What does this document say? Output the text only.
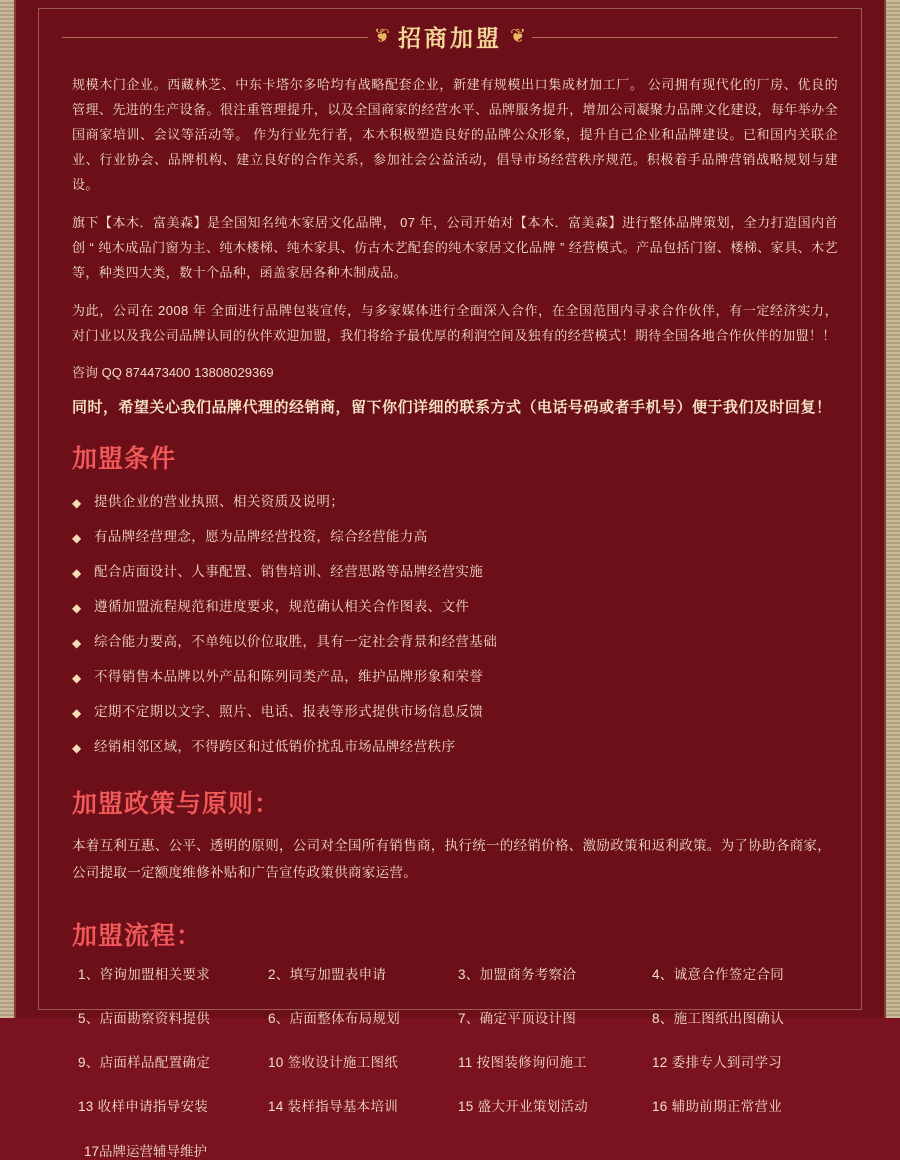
❦ 招商加盟 ❦

规模木门企业。西藏林芝、中东卡塔尔多哈均有战略配套企业，新建有规模出口集成材加工厂。 公司拥有现代化的厂房、优良的管理、先进的生产设备。很注重管理提升，以及全国商家的经营水平、品牌服务提升，增加公司凝聚力品牌文化建设，每年举办全国商家培训、会议等活动等。 作为行业先行者，本木积极塑造良好的品牌公众形象，提升自己企业和品牌建设。已和国内关联企业、行业协会、品牌机构、建立良好的合作关系，参加社会公益活动，倡导市场经营秩序规范。积极着手品牌营销战略规划与建设。

旗下【本木．富美森】是全国知名纯木家居文化品牌， 07 年，公司开始对【本木．富美森】进行整体品牌策划，全力打造国内首创 “ 纯木成品门窗为主、纯木楼梯、纯木家具、仿古木艺配套的纯木家居文化品牌 ” 经营模式。产品包括门窗、楼梯、家具、木艺等，种类四大类，数十个品种，函盖家居各种木制成品。

为此，公司在 2008 年 全面进行品牌包装宣传，与多家媒体进行全面深入合作，在全国范围内寻求合作伙伴，有一定经济实力，对门业以及我公司品牌认同的伙伴欢迎加盟，我们将给予最优厚的利润空间及独有的经营模式！期待全国各地合作伙伴的加盟！！

咨询 QQ 874473400 13808029369

同时，希望关心我们品牌代理的经销商，留下你们详细的联系方式（电话号码或者手机号）便于我们及时回复！

加盟条件
◆ 提供企业的营业执照、相关资质及说明；
◆ 有品牌经营理念，愿为品牌经营投资，综合经营能力高
◆ 配合店面设计、人事配置、销售培训、经营思路等品牌经营实施
◆ 遵循加盟流程规范和进度要求，规范确认相关合作图表、文件
◆ 综合能力要高，不单纯以价位取胜，具有一定社会背景和经营基础
◆ 不得销售本品牌以外产品和陈列同类产品，维护品牌形象和荣誉
◆ 定期不定期以文字、照片、电话、报表等形式提供市场信息反馈
◆ 经销相邻区域，不得跨区和过低销价扰乱市场品牌经营秩序
加盟政策与原则：
本着互利互惠、公平、透明的原则，公司对全国所有销售商，执行统一的经销价格、激励政策和返利政策。为了协助各商家，
公司提取一定额度维修补贴和广告宣传政策供商家运营。
加盟流程：
1、咨询加盟相关要求	2、填写加盟表申请	3、加盟商务考察洽	4、诚意合作签定合同
5、店面勘察资料提供	6、店面整体布局规划	7、确定平顶设计图	8、施工图纸出图确认
9、店面样品配置确定	10 签收设计施工图纸	11 按图装修询问施工	12 委排专人到司学习
13 收样申请指导安装	14 装样指导基本培训	15 盛大开业策划活动	16 辅助前期正常营业
17品牌运营辅导维护
